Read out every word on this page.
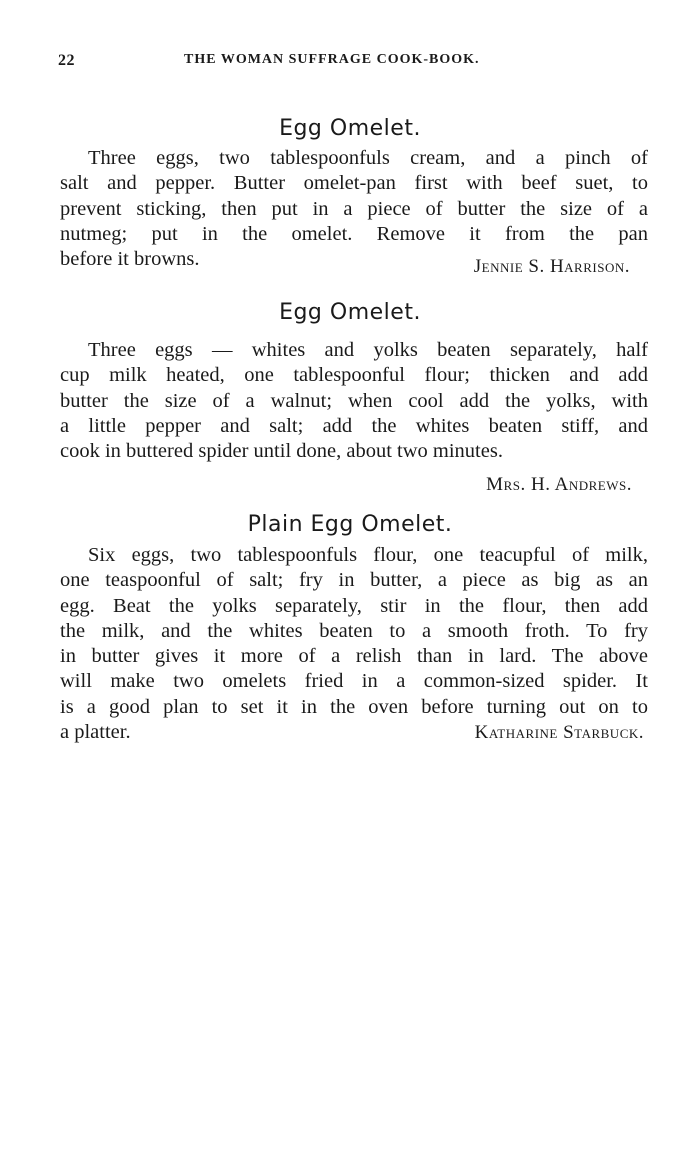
22	THE WOMAN SUFFRAGE COOK-BOOK.
Egg Omelet.
Three eggs, two tablespoonfuls cream, and a pinch of
salt and pepper. Butter omelet-pan first with beef suet, to
prevent sticking, then put in a piece of butter the size of a
nutmeg; put in the omelet. Remove it from the pan
before it browns.	Jennie S. Harrison.
Egg Omelet.
Three eggs — whites and yolks beaten separately, half
cup milk heated, one tablespoonful flour; thicken and add
butter the size of a walnut; when cool add the yolks, with
a little pepper and salt; add the whites beaten stiff, and
cook in buttered spider until done, about two minutes.
Mrs. H. Andrews.
Plain Egg Omelet.
Six eggs, two tablespoonfuls flour, one teacupful of milk,
one teaspoonful of salt; fry in butter, a piece as big as an
egg. Beat the yolks separately, stir in the flour, then add
the milk, and the whites beaten to a smooth froth. To fry
in butter gives it more of a relish than in lard. The above
will make two omelets fried in a common-sized spider. It
is a good plan to set it in the oven before turning out on to
a platter.	Katharine Starbuck.
